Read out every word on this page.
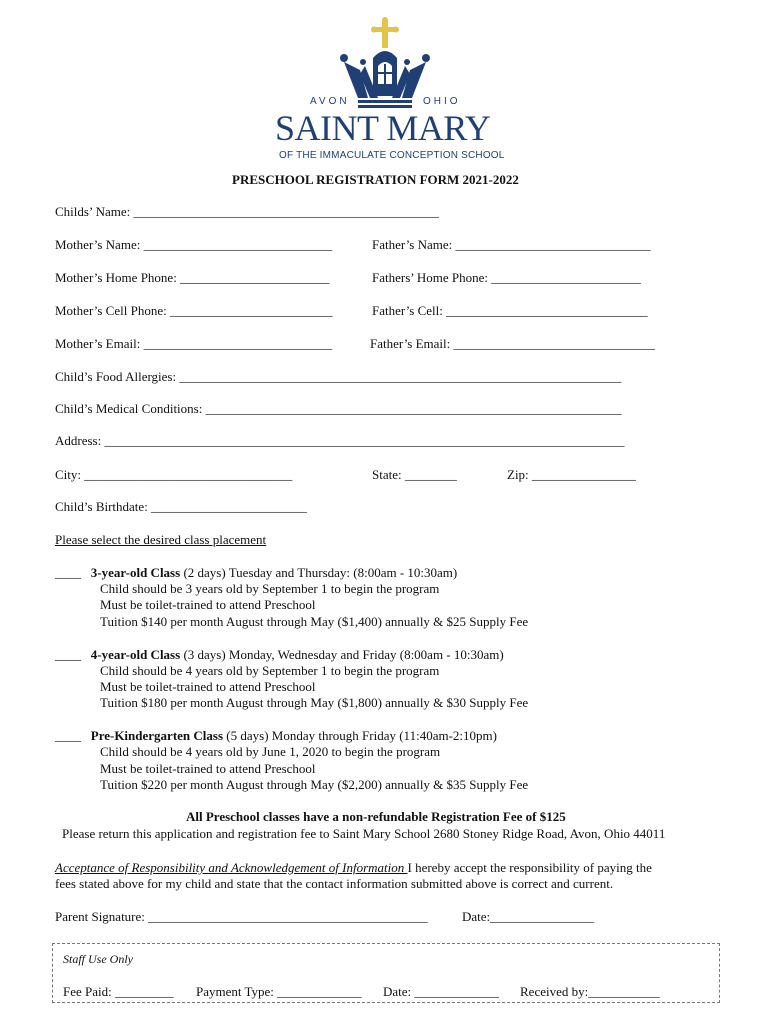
AVON	OHIO
SAINT MARY
OF THE IMMACULATE CONCEPTION SCHOOL
PRESCHOOL REGISTRATION FORM 2021-2022
Childs’ Name: _______________________________________________
Mother’s Name: _____________________________	Father’s Name: ______________________________
Mother’s Home Phone: _______________________	Fathers’ Home Phone: _______________________
Mother’s Cell Phone: _________________________	Father’s Cell: _______________________________
Mother’s Email: _____________________________	Father’s Email: _______________________________
Child’s Food Allergies: ____________________________________________________________________
Child’s Medical Conditions: ________________________________________________________________
Address: ________________________________________________________________________________
City: ________________________________	State: ________	Zip: ________________
Child’s Birthdate: ________________________
Please select the desired class placement
____ 3-year-old Class (2 days) Tuesday and Thursday: (8:00am - 10:30am)
Child should be 3 years old by September 1 to begin the program
Must be toilet-trained to attend Preschool
Tuition $140 per month August through May ($1,400) annually & $25 Supply Fee
____ 4-year-old Class (3 days) Monday, Wednesday and Friday (8:00am - 10:30am)
Child should be 4 years old by September 1 to begin the program
Must be toilet-trained to attend Preschool
Tuition $180 per month August through May ($1,800) annually & $30 Supply Fee
____ Pre-Kindergarten Class (5 days) Monday through Friday (11:40am-2:10pm)
Child should be 4 years old by June 1, 2020 to begin the program
Must be toilet-trained to attend Preschool
Tuition $220 per month August through May ($2,200) annually & $35 Supply Fee
All Preschool classes have a non-refundable Registration Fee of $125
Please return this application and registration fee to Saint Mary School 2680 Stoney Ridge Road, Avon, Ohio 44011
Acceptance of Responsibility and Acknowledgement of Information I hereby accept the responsibility of paying the
fees stated above for my child and state that the contact information submitted above is correct and current.
Parent Signature: ___________________________________________	Date:________________
Staff Use Only
Fee Paid: _________ Payment Type: _____________ Date: _____________ Received by:___________
